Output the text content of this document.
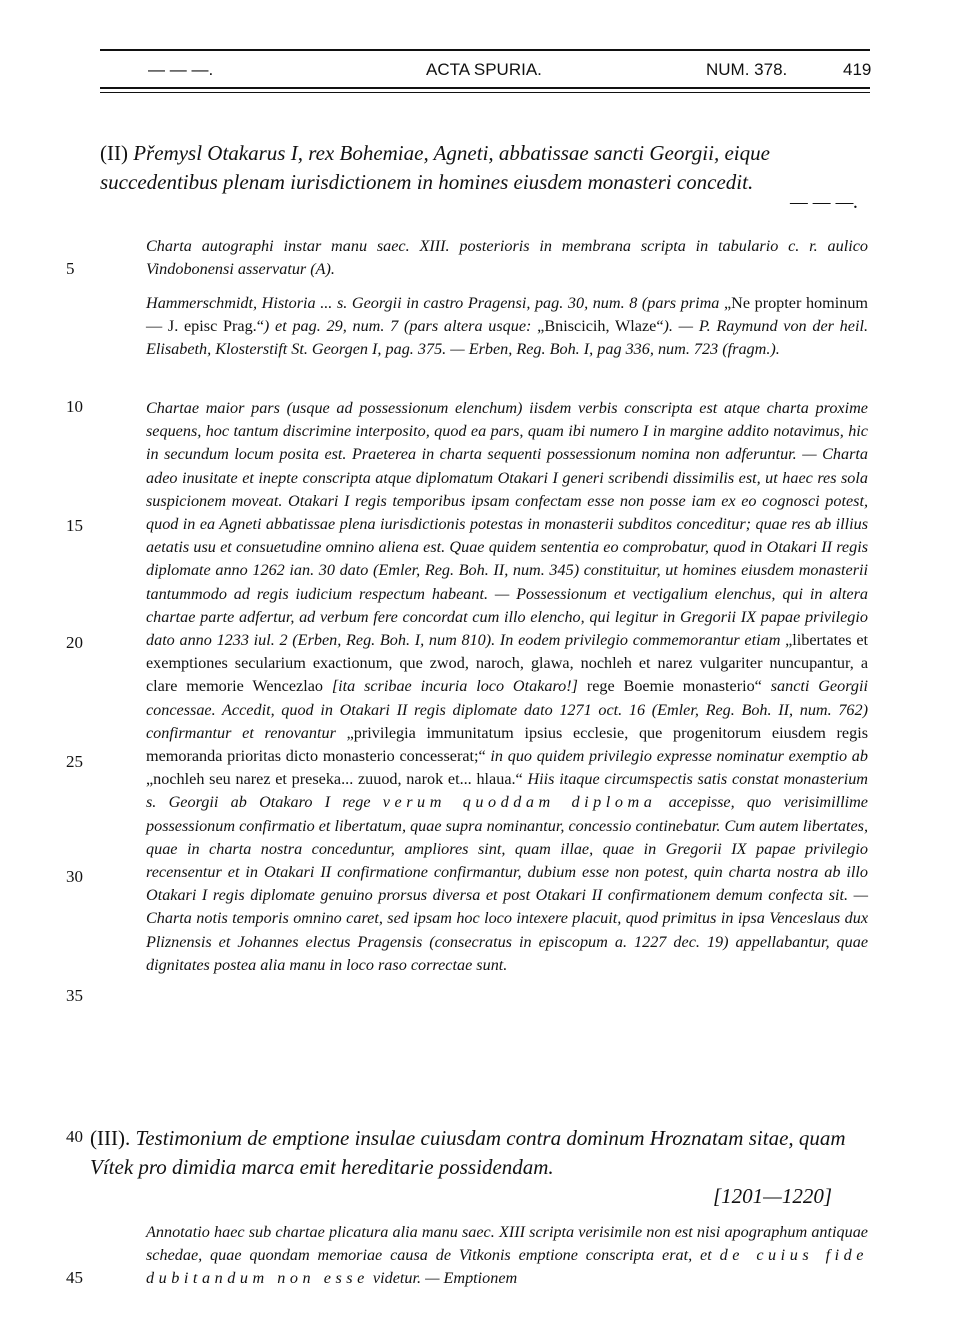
— — —.	ACTA SPURIA.	NUM. 378.	419
5
10
15
20
25
30
35
40
45
(II) Přemysl Otakarus I, rex Bohemiae, Agneti, abbatissae sancti Georgii, eique succedentibus plenam iurisdictionem in homines eiusdem monasteri concedit.
— — —.
Charta autographi instar manu saec. XIII. posterioris in membrana scripta in tabulario c. r. aulico Vindobonensi asservatur (A).
Hammerschmidt, Historia ... s. Georgii in castro Pragensi, pag. 30, num. 8 (pars prima „Ne propter hominum — J. episc Prag.“) et pag. 29, num. 7 (pars altera usque: „Bniscicih, Wlaze“). — P. Raymund von der heil. Elisabeth, Klosterstift St. Georgen I, pag. 375. — Erben, Reg. Boh. I, pag 336, num. 723 (fragm.).
Chartae maior pars (usque ad possessionum elenchum) iisdem verbis conscripta est atque charta proxime sequens, hoc tantum discrimine interposito, quod ea pars, quam ibi numero I in margine addito notavimus, hic in secundum locum posita est. Praeterea in charta sequenti possessionum nomina non adferuntur. — Charta adeo inusitate et inepte conscripta atque diplomatum Otakari I generi scribendi dissimilis est, ut haec res sola suspicionem moveat. Otakari I regis temporibus ipsam confectam esse non posse iam ex eo cognosci potest, quod in ea Agneti abbatissae plena iurisdictionis potestas in monasterii subditos conceditur; quae res ab illius aetatis usu et consuetudine omnino aliena est. Quae quidem sententia eo comprobatur, quod in Otakari II regis diplomate anno 1262 ian. 30 dato (Emler, Reg. Boh. II, num. 345) constituitur, ut homines eiusdem monasterii tantummodo ad regis iudicium respectum habeant. — Possessionum et vectigalium elenchus, qui in altera chartae parte adfertur, ad verbum fere concordat cum illo elencho, qui legitur in Gregorii IX papae privilegio dato anno 1233 iul. 2 (Erben, Reg. Boh. I, num 810). In eodem privilegio commemorantur etiam „libertates et exemptiones secularium exactionum, que zwod, naroch, glawa, nochleh et narez vulgariter nuncupantur, a clare memorie Wencezlao [ita scribae incuria loco Otakaro!] rege Boemie monasterio“ sancti Georgii concessae. Accedit, quod in Otakari II regis diplomate dato 1271 oct. 16 (Emler, Reg. Boh. II, num. 762) confirmantur et renovantur „privilegia immunitatum ipsius ecclesie, que progenitorum eiusdem regis memoranda prioritas dicto monasterio concesserat;“ in quo quidem privilegio expresse nominatur exemptio ab „nochleh seu narez et preseka... zuuod, narok et... hlaua.“ Hiis itaque circumspectis satis constat monasterium s. Georgii ab Otakaro I rege verum quoddam diploma accepisse, quo verisimillime possessionum confirmatio et libertatum, quae supra nominantur, concessio continebatur. Cum autem libertates, quae in charta nostra conceduntur, ampliores sint, quam illae, quae in Gregorii IX papae privilegio recensentur et in Otakari II confirmatione confirmantur, dubium esse non potest, quin charta nostra ab illo Otakari I regis diplomate genuino prorsus diversa et post Otakari II confirmationem demum confecta sit. — Charta notis temporis omnino caret, sed ipsam hoc loco intexere placuit, quod primitus in ipsa Venceslaus dux Pliznensis et Johannes electus Pragensis (consecratus in episcopum a. 1227 dec. 19) appellabantur, quae dignitates postea alia manu in loco raso correctae sunt.
(III). Testimonium de emptione insulae cuiusdam contra dominum Hroznatam sitae, quam Vítek pro dimidia marca emit hereditarie possidendam.
[1201—1220]
Annotatio haec sub chartae plicatura alia manu saec. XIII scripta verisimile non est nisi apographum antiquae schedae, quae quondam memoriae causa de Vitkonis emptione conscripta erat, et de cuius fide dubitandum non esse videtur. — Emptionem
